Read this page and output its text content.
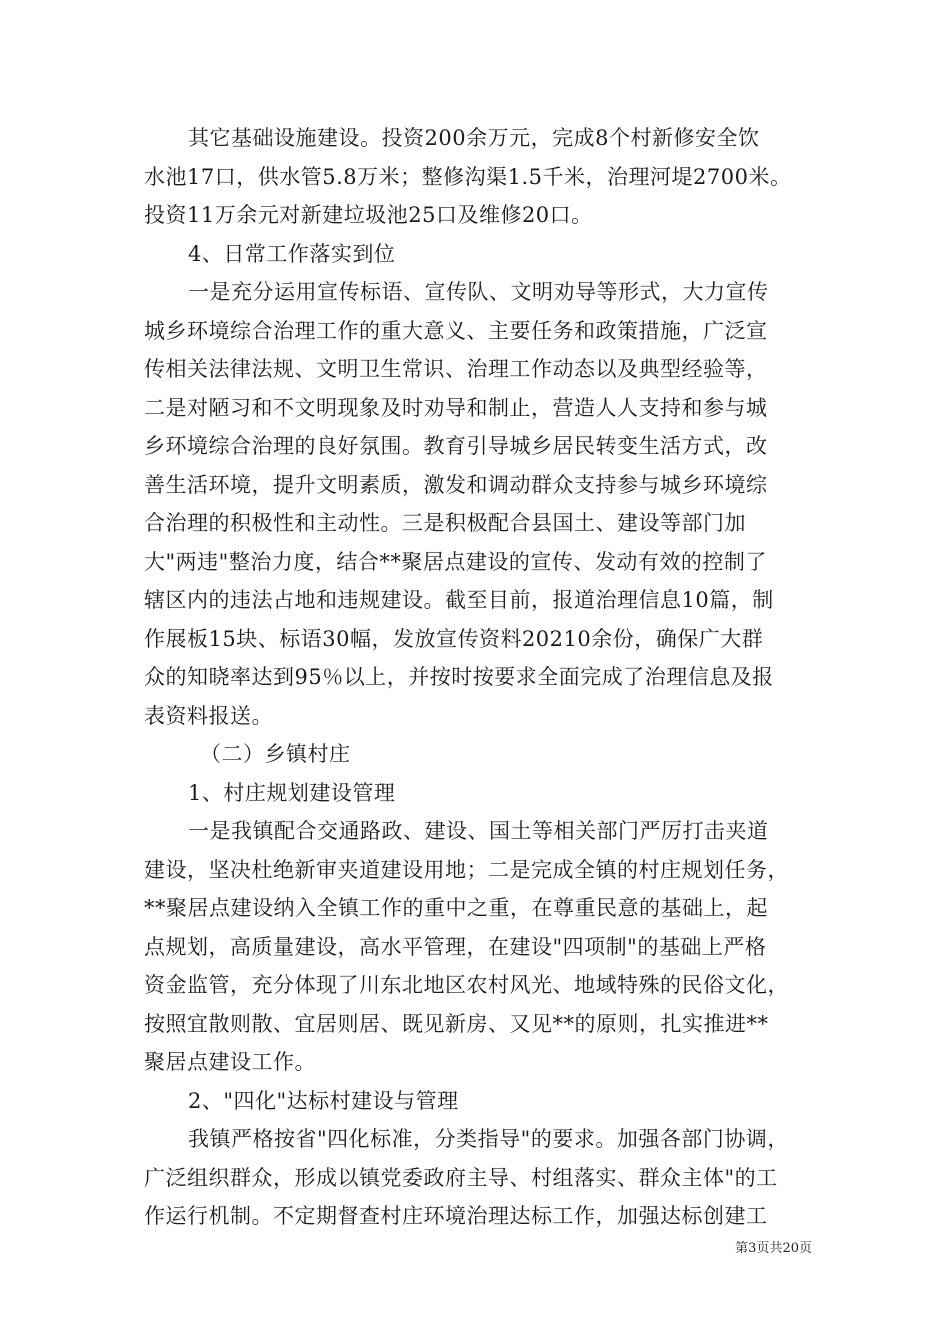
其它基础设施建设。投资200余万元，完成8个村新修安全饮
水池17口，供水管5.8万米；整修沟渠1.5千米，治理河堤2700米。
投资11万余元对新建垃圾池25口及维修20口。
4、日常工作落实到位
一是充分运用宣传标语、宣传队、文明劝导等形式，大力宣传
城乡环境综合治理工作的重大意义、主要任务和政策措施，广泛宣
传相关法律法规、文明卫生常识、治理工作动态以及典型经验等，
二是对陋习和不文明现象及时劝导和制止，营造人人支持和参与城
乡环境综合治理的良好氛围。教育引导城乡居民转变生活方式，改
善生活环境，提升文明素质，激发和调动群众支持参与城乡环境综
合治理的积极性和主动性。三是积极配合县国土、建设等部门加
大"两违"整治力度，结合**聚居点建设的宣传、发动有效的控制了
辖区内的违法占地和违规建设。截至目前，报道治理信息10篇，制
作展板15块、标语30幅，发放宣传资料20210余份，确保广大群
众的知晓率达到95％以上，并按时按要求全面完成了治理信息及报
表资料报送。
（二）乡镇村庄
1、村庄规划建设管理
一是我镇配合交通路政、建设、国土等相关部门严厉打击夹道
建设，坚决杜绝新审夹道建设用地；二是完成全镇的村庄规划任务，
**聚居点建设纳入全镇工作的重中之重，在尊重民意的基础上，起
点规划，高质量建设，高水平管理，在建设"四项制"的基础上严格
资金监管，充分体现了川东北地区农村风光、地域特殊的民俗文化，
按照宜散则散、宜居则居、既见新房、又见**的原则，扎实推进**
聚居点建设工作。
2、"四化"达标村建设与管理
我镇严格按省"四化标准，分类指导"的要求。加强各部门协调，
广泛组织群众，形成以镇党委政府主导、村组落实、群众主体"的工
作运行机制。不定期督查村庄环境治理达标工作，加强达标创建工
第3页共20页
